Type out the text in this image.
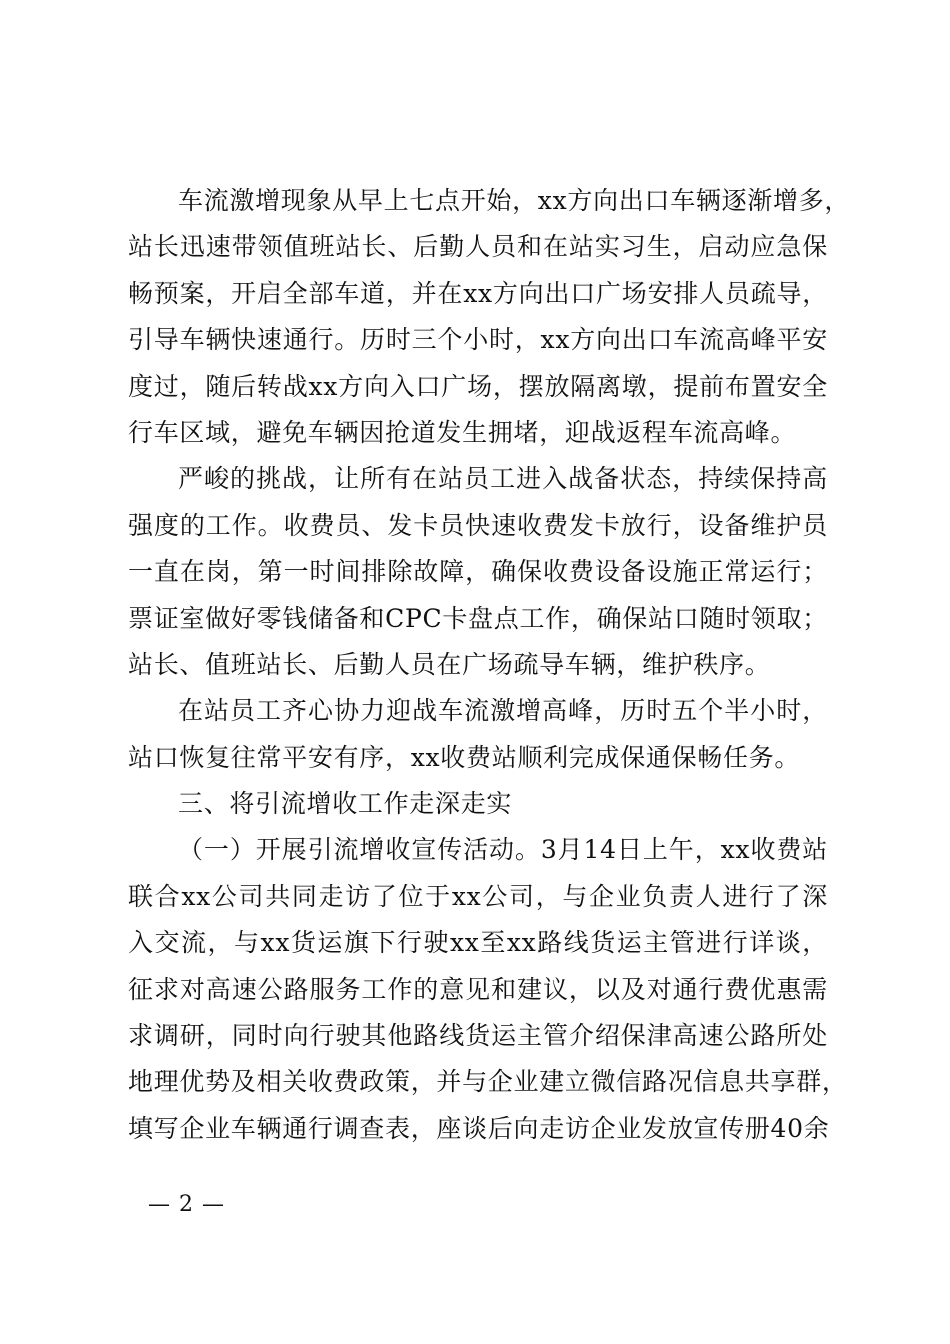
车流激增现象从早上七点开始，xx方向出口车辆逐渐增多，
站长迅速带领值班站长、后勤人员和在站实习生，启动应急保
畅预案，开启全部车道，并在xx方向出口广场安排人员疏导，
引导车辆快速通行。历时三个小时，xx方向出口车流高峰平安
度过，随后转战xx方向入口广场，摆放隔离墩，提前布置安全
行车区域，避免车辆因抢道发生拥堵，迎战返程车流高峰。
严峻的挑战，让所有在站员工进入战备状态，持续保持高
强度的工作。收费员、发卡员快速收费发卡放行，设备维护员
一直在岗，第一时间排除故障，确保收费设备设施正常运行；
票证室做好零钱储备和CPC卡盘点工作，确保站口随时领取；
站长、值班站长、后勤人员在广场疏导车辆，维护秩序。
在站员工齐心协力迎战车流激增高峰，历时五个半小时，
站口恢复往常平安有序，xx收费站顺利完成保通保畅任务。
三、将引流增收工作走深走实
（一）开展引流增收宣传活动。3月14日上午，xx收费站
联合xx公司共同走访了位于xx公司，与企业负责人进行了深
入交流，与xx货运旗下行驶xx至xx路线货运主管进行详谈，
征求对高速公路服务工作的意见和建议，以及对通行费优惠需
求调研，同时向行驶其他路线货运主管介绍保津高速公路所处
地理优势及相关收费政策，并与企业建立微信路况信息共享群，
填写企业车辆通行调查表，座谈后向走访企业发放宣传册40余
— 2 —
